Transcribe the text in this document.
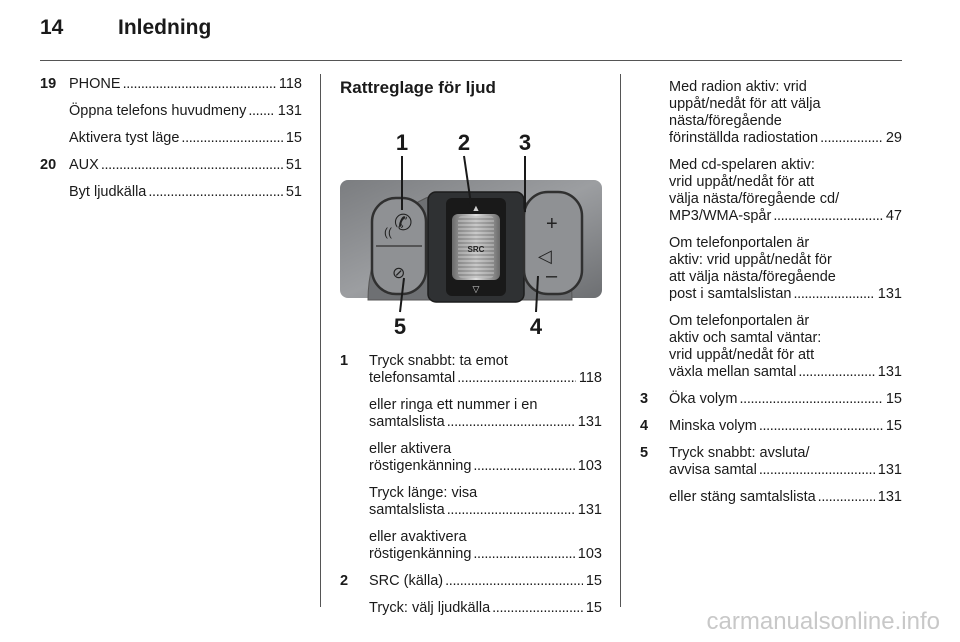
14	Inledning
19 PHONE . . .	118
Öppna telefons huvudmeny . . . 131
Aktivera tyst läge . . .	15
20 AUX . . .	51
Byt ljudkälla . . .	51
Rattreglage för ljud
✆
((
⊘
SRC
▲
▽
+
◁
–
1 2 3
4
5
1	Tryck snabbt: ta emot
telefonsamtal . . .	118
eller ringa ett nummer i en
samtalslista . . .	131
eller aktivera
röstigenkänning . . .	103
Tryck länge: visa
samtalslista . . .	131
eller avaktivera
röstigenkänning . . .	103
2	SRC (källa) . . .	15
Tryck: välj ljudkälla . . .	15
Med radion aktiv: vrid
uppåt/nedåt för att välja
nästa/föregående
förinställda radiostation . . .	29
Med cd-spelaren aktiv:
vrid uppåt/nedåt för att
välja nästa/föregående cd/
MP3/WMA-spår . . .	47
Om telefonportalen är
aktiv: vrid uppåt/nedåt för
att välja nästa/föregående
post i samtalslistan . . .	131
Om telefonportalen är
aktiv och samtal väntar:
vrid uppåt/nedåt för att
växla mellan samtal . . .	131
3	Öka volym . . .	15
4	Minska volym . . .	15
5	Tryck snabbt: avsluta/
avvisa samtal . . .	131
eller stäng samtalslista . . .	131
carmanualsonline.info
